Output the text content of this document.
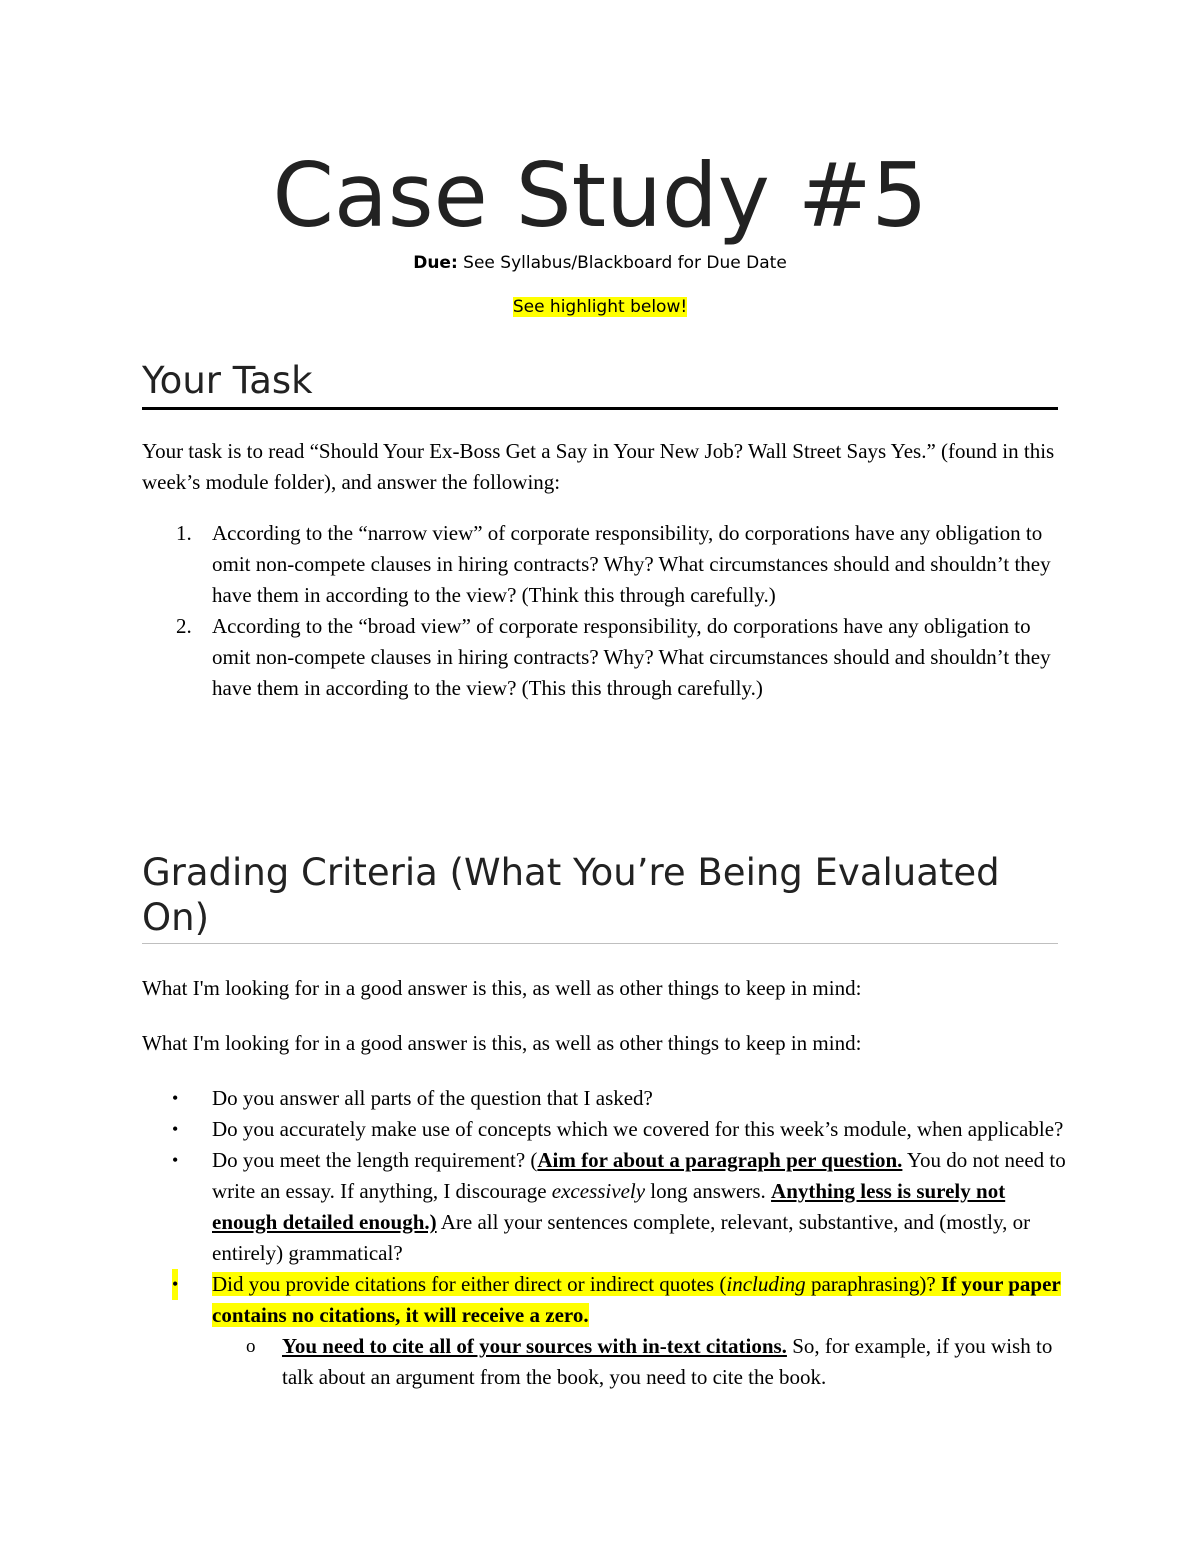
Case Study #5
Due: See Syllabus/Blackboard for Due Date
See highlight below!
Your Task
Your task is to read “Should Your Ex-Boss Get a Say in Your New Job? Wall Street Says Yes.” (found in this week’s module folder), and answer the following:
1. According to the “narrow view” of corporate responsibility, do corporations have any obligation to omit non-compete clauses in hiring contracts? Why? What circumstances should and shouldn’t they have them in according to the view? (Think this through carefully.)
2. According to the “broad view” of corporate responsibility, do corporations have any obligation to omit non-compete clauses in hiring contracts? Why? What circumstances should and shouldn’t they have them in according to the view? (This this through carefully.)
Grading Criteria (What You’re Being Evaluated On)
What I'm looking for in a good answer is this, as well as other things to keep in mind:
What I'm looking for in a good answer is this, as well as other things to keep in mind:
• Do you answer all parts of the question that I asked?
• Do you accurately make use of concepts which we covered for this week’s module, when applicable?
• Do you meet the length requirement? (Aim for about a paragraph per question. You do not need to write an essay. If anything, I discourage excessively long answers. Anything less is surely not enough detailed enough.) Are all your sentences complete, relevant, substantive, and (mostly, or entirely) grammatical?
• Did you provide citations for either direct or indirect quotes (including paraphrasing)? If your paper contains no citations, it will receive a zero.
o You need to cite all of your sources with in-text citations. So, for example, if you wish to talk about an argument from the book, you need to cite the book.
